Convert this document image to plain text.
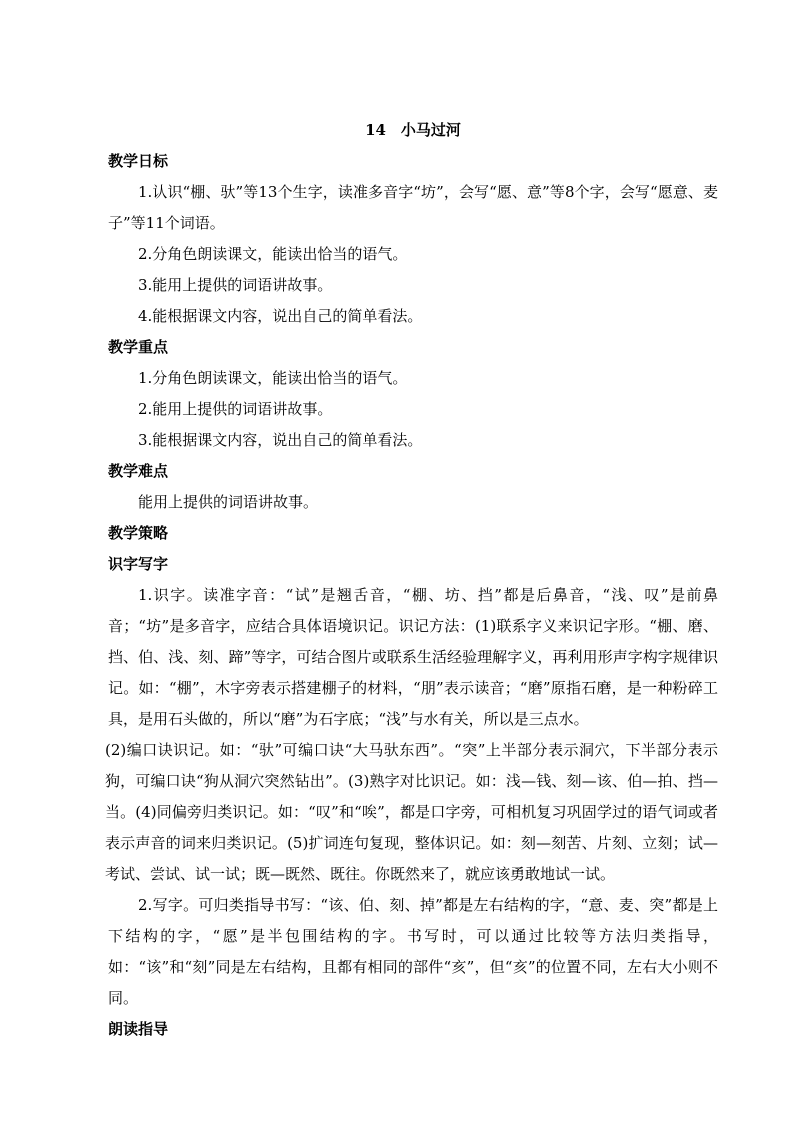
14　小马过河
教学日标
1.认识“棚、驮”等13个生字，读准多音字“坊”，会写“愿、意”等8个字，会写“愿意、麦子”等11个词语。
2.分角色朗读课文，能读出恰当的语气。
3.能用上提供的词语讲故事。
4.能根据课文内容，说出自己的简单看法。
教学重点
1.分角色朗读课文，能读出恰当的语气。
2.能用上提供的词语讲故事。
3.能根据课文内容，说出自己的简单看法。
教学难点
能用上提供的词语讲故事。
教学策略
识字写字
1.识字。读准字音：“试”是翘舌音，“棚、坊、挡”都是后鼻音，“浅、叹”是前鼻音；“坊”是多音字，应结合具体语境识记。识记方法：(1)联系字义来识记字形。“棚、磨、挡、伯、浅、刻、蹄”等字，可结合图片或联系生活经验理解字义，再利用形声字构字规律识记。如：“棚”，木字旁表示搭建棚子的材料，“朋”表示读音；“磨”原指石磨，是一种粉碎工具，是用石头做的，所以“磨”为石字底；“浅”与水有关，所以是三点水。
(2)编口诀识记。如：“驮”可编口诀“大马驮东西”。“突”上半部分表示洞穴，下半部分表示狗，可编口诀“狗从洞穴突然钻出”。(3)熟字对比识记。如：浅—钱、刻—该、伯—拍、挡—当。(4)同偏旁归类识记。如：“叹”和“唉”，都是口字旁，可相机复习巩固学过的语气词或者表示声音的词来归类识记。(5)扩词连句复现，整体识记。如：刻—刻苦、片刻、立刻；试—考试、尝试、试一试；既—既然、既往。你既然来了，就应该勇敢地试一试。
2.写字。可归类指导书写：“该、伯、刻、掉”都是左右结构的字，“意、麦、突”都是上下结构的字，“愿”是半包围结构的字。书写时，可以通过比较等方法归类指导，如：“该”和“刻”同是左右结构，且都有相同的部件“亥”，但“亥”的位置不同，左右大小则不同。
朗读指导
